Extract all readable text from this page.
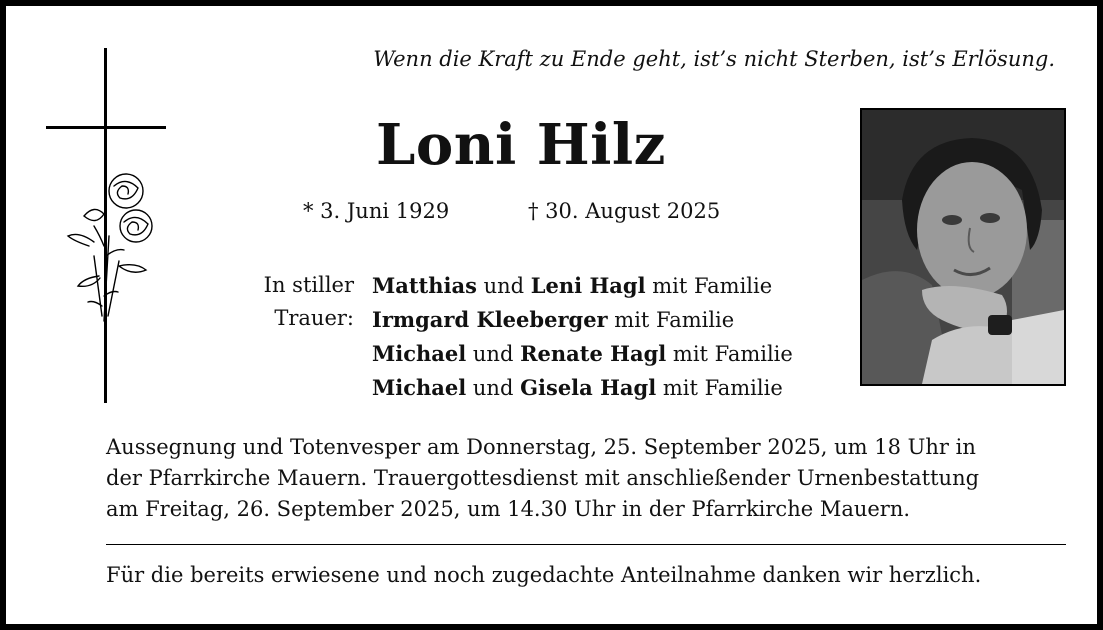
Wenn die Kraft zu Ende geht, ist’s nicht Sterben, ist’s Erlösung.
Loni Hilz
* 3. Juni 1929	† 30. August 2025
In stiller
Trauer:
Matthias und Leni Hagl mit Familie
Irmgard Kleeberger mit Familie
Michael und Renate Hagl mit Familie
Michael und Gisela Hagl mit Familie
Aussegnung und Totenvesper am Donnerstag, 25. September 2025, um 18 Uhr in
der Pfarrkirche Mauern. Trauergottesdienst mit anschließender Urnenbestattung
am Freitag, 26. September 2025, um 14.30 Uhr in der Pfarrkirche Mauern.
Für die bereits erwiesene und noch zugedachte Anteilnahme danken wir herzlich.
